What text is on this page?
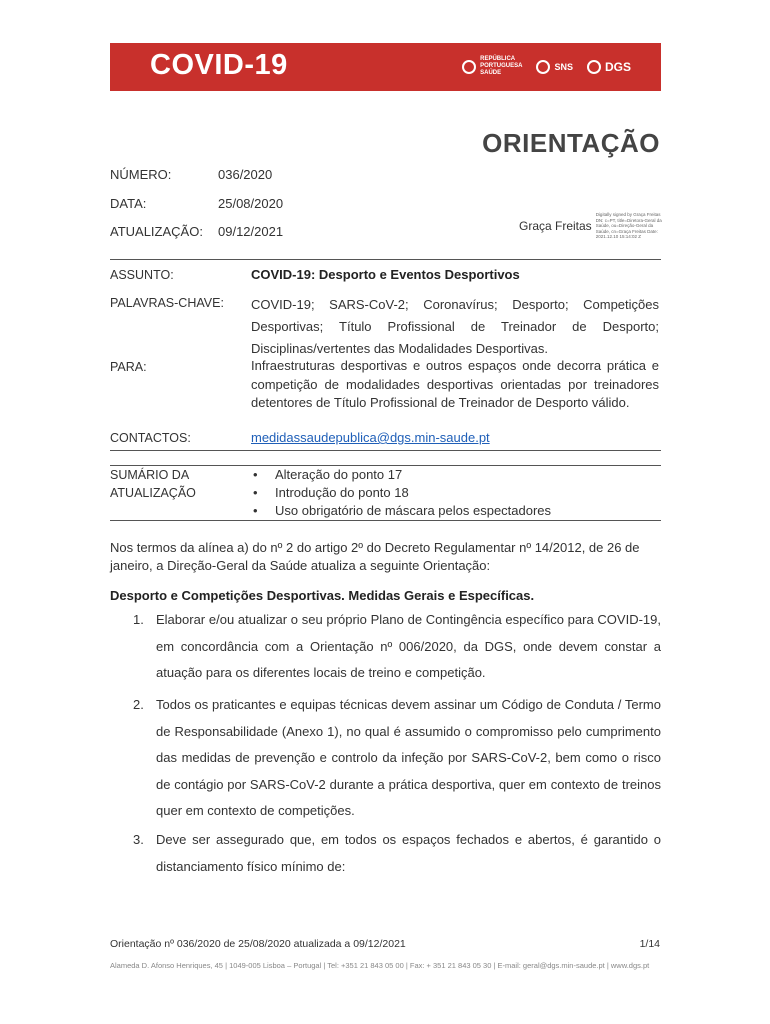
COVID-19	REPÚBLICA
PORTUGUESA
SAÚDE
SNS	DGS
ORIENTAÇÃO
NÚMERO:	036/2020
DATA:	25/08/2020
ATUALIZAÇÃO: 09/12/2021	Graça Freitas
Digitally signed by Graça Freitas DN: c=PT, title=Diretora-Geral da Saúde, ou=Direção-Geral da Saúde, cn=Graça Freitas Date: 2021.12.10 15:14:02 Z
ASSUNTO:	COVID-19: Desporto e Eventos Desportivos
PALAVRAS-CHAVE: COVID-19; SARS-CoV-2; Coronavírus; Desporto; Competições Desportivas; Título Profissional de Treinador de Desporto; Disciplinas/vertentes das Modalidades Desportivas.
PARA:	Infraestruturas desportivas e outros espaços onde decorra prática e competição de modalidades desportivas orientadas por treinadores detentores de Título Profissional de Treinador de Desporto válido.
CONTACTOS:	medidassaudepublica@dgs.min-saude.pt
SUMÁRIO DA
ATUALIZAÇÃO
• Alteração do ponto 17
• Introdução do ponto 18
• Uso obrigatório de máscara pelos espectadores
Nos termos da alínea a) do nº 2 do artigo 2º do Decreto Regulamentar nº 14/2012, de 26 de janeiro, a Direção-Geral da Saúde atualiza a seguinte Orientação:
Desporto e Competições Desportivas. Medidas Gerais e Específicas.
1. Elaborar e/ou atualizar o seu próprio Plano de Contingência específico para COVID-19, em concordância com a Orientação nº 006/2020, da DGS, onde devem constar a atuação para os diferentes locais de treino e competição.
2. Todos os praticantes e equipas técnicas devem assinar um Código de Conduta / Termo de Responsabilidade (Anexo 1), no qual é assumido o compromisso pelo cumprimento das medidas de prevenção e controlo da infeção por SARS-CoV-2, bem como o risco de contágio por SARS-CoV-2 durante a prática desportiva, quer em contexto de treinos quer em contexto de competições.
3. Deve ser assegurado que, em todos os espaços fechados e abertos, é garantido o distanciamento físico mínimo de:
Orientação nº 036/2020 de 25/08/2020 atualizada a 09/12/2021	1/14
Alameda D. Afonso Henriques, 45 | 1049-005 Lisboa – Portugal | Tel: +351 21 843 05 00 | Fax: + 351 21 843 05 30 | E-mail: geral@dgs.min-saude.pt | www.dgs.pt
